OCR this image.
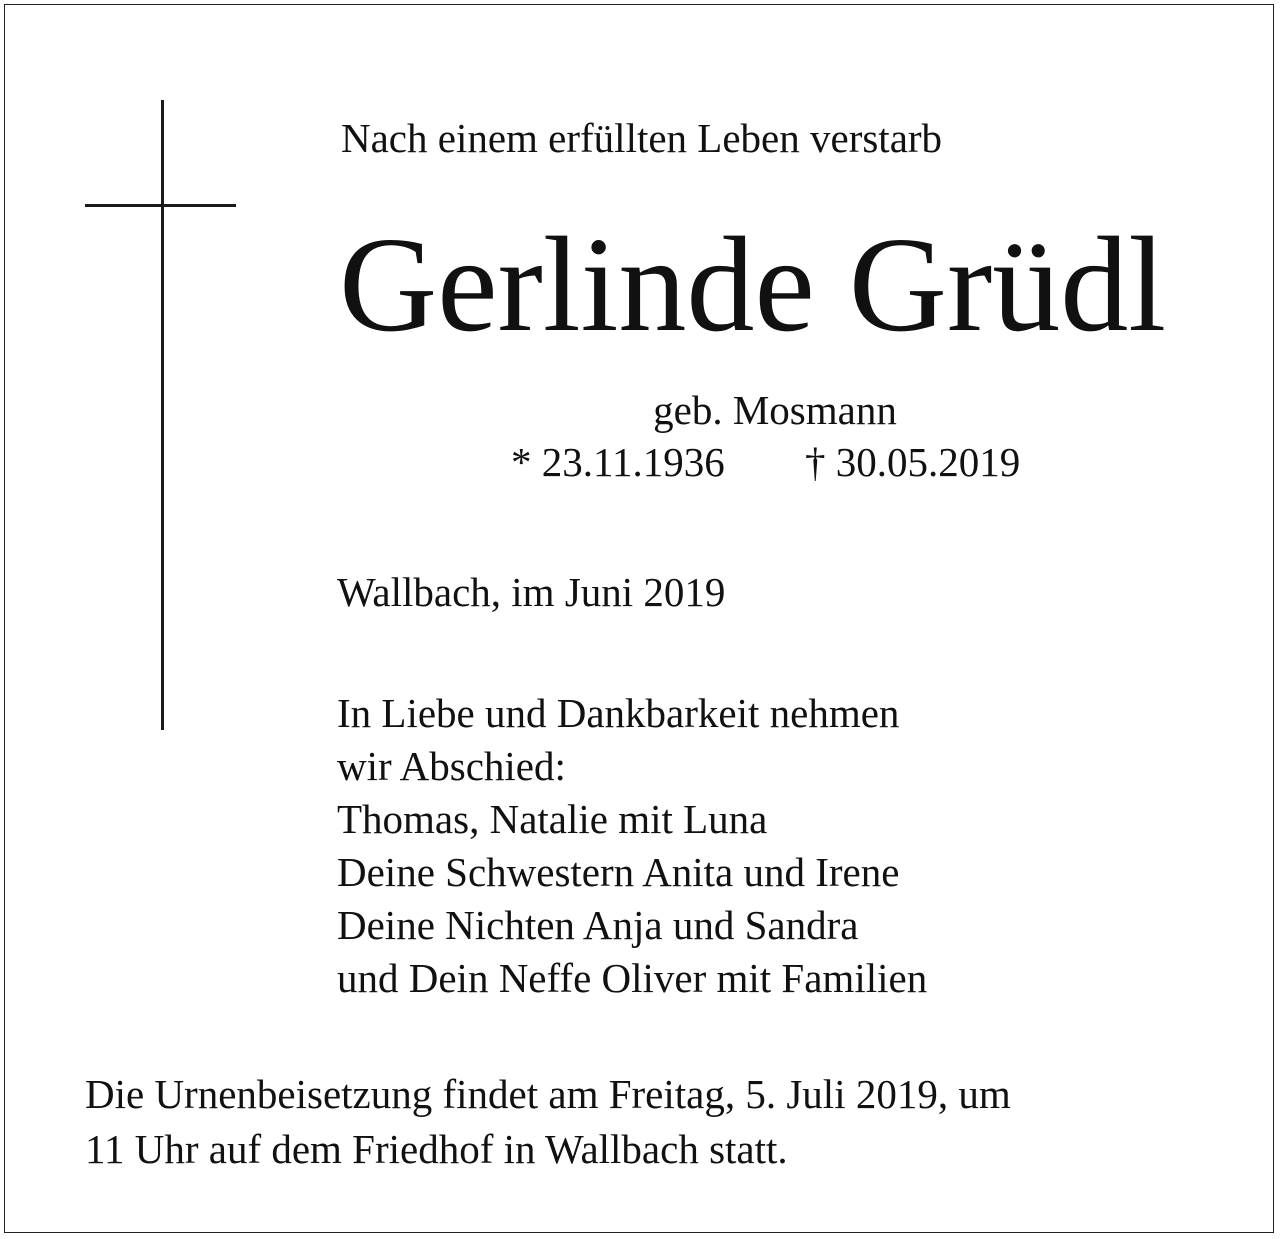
Nach einem erfüllten Leben verstarb
Gerlinde Grüdl
geb. Mosmann
* 23.11.1936 † 30.05.2019
Wallbach, im Juni 2019
In Liebe und Dankbarkeit nehmen
wir Abschied:
Thomas, Natalie mit Luna
Deine Schwestern Anita und Irene
Deine Nichten Anja und Sandra
und Dein Neffe Oliver mit Familien
Die Urnenbeisetzung findet am Freitag, 5. Juli 2019, um
11 Uhr auf dem Friedhof in Wallbach statt.
